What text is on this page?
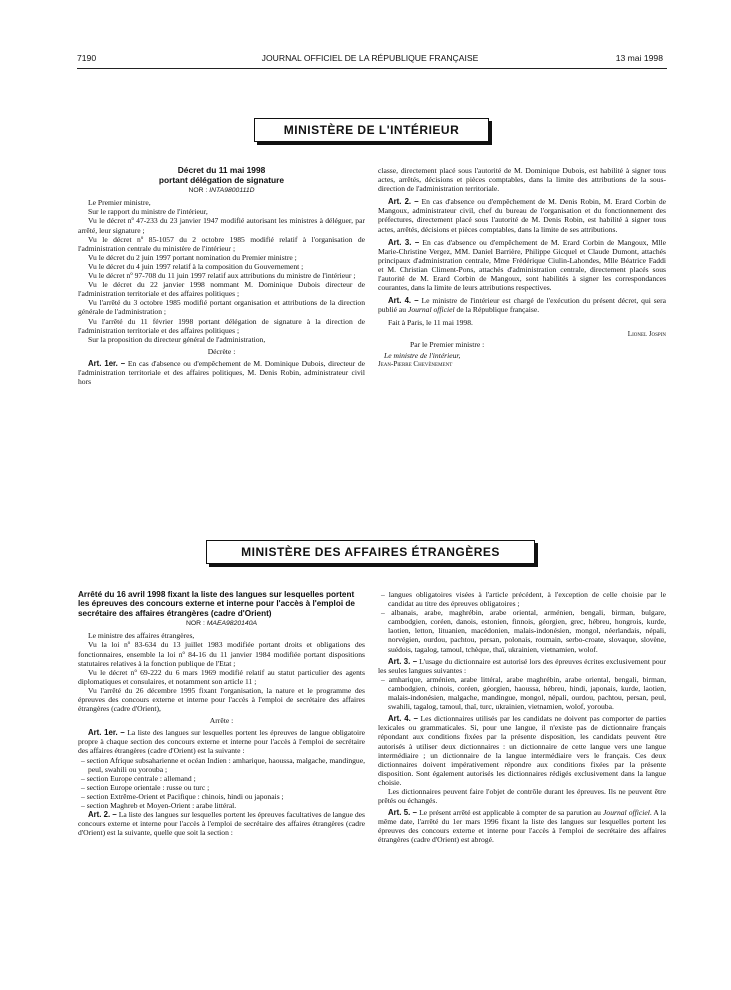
7190	JOURNAL OFFICIEL DE LA RÉPUBLIQUE FRANÇAISE	13 mai 1998
MINISTÈRE DE L'INTÉRIEUR
Décret du 11 mai 1998
portant délégation de signature
NOR : INTA9800111D

Le Premier ministre,

Sur le rapport du ministre de l'intérieur,

Vu le décret nº 47-233 du 23 janvier 1947 modifié autorisant les ministres à déléguer, par arrêté, leur signature ;

Vu le décret nº 85-1057 du 2 octobre 1985 modifié relatif à l'organisation de l'administration centrale du ministère de l'intérieur ;

Vu le décret du 2 juin 1997 portant nomination du Premier ministre ;

Vu le décret du 4 juin 1997 relatif à la composition du Gouvernement ;

Vu le décret nº 97-708 du 11 juin 1997 relatif aux attributions du ministre de l'intérieur ;

Vu le décret du 22 janvier 1998 nommant M. Dominique Dubois directeur de l'administration territoriale et des affaires politiques ;

Vu l'arrêté du 3 octobre 1985 modifié portant organisation et attributions de la direction générale de l'administration ;

Vu l'arrêté du 11 février 1998 portant délégation de signature à la direction de l'administration territoriale et des affaires politiques ;

Sur la proposition du directeur général de l'administration,

Décrète :

Art. 1er. – En cas d'absence ou d'empêchement de M. Dominique Dubois, directeur de l'administration territoriale et des affaires politiques, M. Denis Robin, administrateur civil hors

classe, directement placé sous l'autorité de M. Dominique Dubois, est habilité à signer tous actes, arrêtés, décisions et pièces comptables, dans la limite des attributions de la sous-direction de l'administration territoriale.

Art. 2. – En cas d'absence ou d'empêchement de M. Denis Robin, M. Erard Corbin de Mangoux, administrateur civil, chef du bureau de l'organisation et du fonctionnement des préfectures, directement placé sous l'autorité de M. Denis Robin, est habilité à signer tous actes, arrêtés, décisions et pièces comptables, dans la limite de ses attributions.

Art. 3. – En cas d'absence ou d'empêchement de M. Erard Corbin de Mangoux, Mlle Marie-Christine Vergez, MM. Daniel Barrière, Philippe Gicquel et Claude Dumont, attachés principaux d'administration centrale, Mme Frédérique Ciulin-Lahondes, Mlle Béatrice Faddi et M. Christian Climent-Pons, attachés d'administration centrale, directement placés sous l'autorité de M. Erard Corbin de Mangoux, sont habilités à signer les correspondances courantes, dans la limite de leurs attributions respectives.

Art. 4. – Le ministre de l'intérieur est chargé de l'exécution du présent décret, qui sera publié au Journal officiel de la République française.

Fait à Paris, le 11 mai 1998.

Lionel Jospin

Par le Premier ministre :

Le ministre de l'intérieur,

Jean-Pierre Chevènement

MINISTÈRE DES AFFAIRES ÉTRANGÈRES
Arrêté du 16 avril 1998 fixant la liste des langues sur lesquelles portent les épreuves des concours externe et interne pour l'accès à l'emploi de secrétaire des affaires étrangères (cadre d'Orient)
NOR : MAEA9820140A

Le ministre des affaires étrangères,

Vu la loi nº 83-634 du 13 juillet 1983 modifiée portant droits et obligations des fonctionnaires, ensemble la loi nº 84-16 du 11 janvier 1984 modifiée portant dispositions statutaires relatives à la fonction publique de l'Etat ;

Vu le décret nº 69-222 du 6 mars 1969 modifié relatif au statut particulier des agents diplomatiques et consulaires, et notamment son article 11 ;

Vu l'arrêté du 26 décembre 1995 fixant l'organisation, la nature et le programme des épreuves des concours externe et interne pour l'accès à l'emploi de secrétaire des affaires étrangères (cadre d'Orient),

Arrête :

Art. 1er. – La liste des langues sur lesquelles portent les épreuves de langue obligatoire propre à chaque section des concours externe et interne pour l'accès à l'emploi de secrétaire des affaires étrangères (cadre d'Orient) est la suivante :

– section Afrique subsaharienne et océan Indien : amharique, haoussa, malgache, mandingue, peul, swahili ou yorouba ;

– section Europe centrale : allemand ;

– section Europe orientale : russe ou turc ;

– section Extrême-Orient et Pacifique : chinois, hindi ou japonais ;

– section Maghreb et Moyen-Orient : arabe littéral.

Art. 2. – La liste des langues sur lesquelles portent les épreuves facultatives de langue des concours externe et interne pour l'accès à l'emploi de secrétaire des affaires étrangères (cadre d'Orient) est la suivante, quelle que soit la section :

– langues obligatoires visées à l'article précédent, à l'exception de celle choisie par le candidat au titre des épreuves obligatoires ;

– albanais, arabe, maghrébin, arabe oriental, arménien, bengali, birman, bulgare, cambodgien, coréen, danois, estonien, finnois, géorgien, grec, hébreu, hongrois, kurde, laotien, letton, lituanien, macédonien, malais-indonésien, mongol, néerlandais, népali, norvégien, ourdou, pachtou, persan, polonais, roumain, serbo-croate, slovaque, slovène, suédois, tagalog, tamoul, tchèque, thaï, ukrainien, vietnamien, wolof.

Art. 3. – L'usage du dictionnaire est autorisé lors des épreuves écrites exclusivement pour les seules langues suivantes :

– amharique, arménien, arabe littéral, arabe maghrébin, arabe oriental, bengali, birman, cambodgien, chinois, coréen, géorgien, haoussa, hébreu, hindi, japonais, kurde, laotien, malais-indonésien, malgache, mandingue, mongol, népali, ourdou, pachtou, persan, peul, swahili, tagalog, tamoul, thaï, turc, ukrainien, vietnamien, wolof, yorouba.

Art. 4. – Les dictionnaires utilisés par les candidats ne doivent pas comporter de parties lexicales ou grammaticales. Si, pour une langue, il n'existe pas de dictionnaire français répondant aux conditions fixées par la présente disposition, les candidats peuvent être autorisés à utiliser deux dictionnaires : un dictionnaire de cette langue vers une langue intermédiaire ; un dictionnaire de la langue intermédiaire vers le français. Ces deux dictionnaires doivent impérativement répondre aux conditions fixées par la présente disposition. Sont également autorisés les dictionnaires rédigés exclusivement dans la langue choisie.

Les dictionnaires peuvent faire l'objet de contrôle durant les épreuves. Ils ne peuvent être prêtés ou échangés.

Art. 5. – Le présent arrêté est applicable à compter de sa parution au Journal officiel. A la même date, l'arrêté du 1er mars 1996 fixant la liste des langues sur lesquelles portent les épreuves des concours externe et interne pour l'accès à l'emploi de secrétaire des affaires étrangères (cadre d'Orient) est abrogé.
